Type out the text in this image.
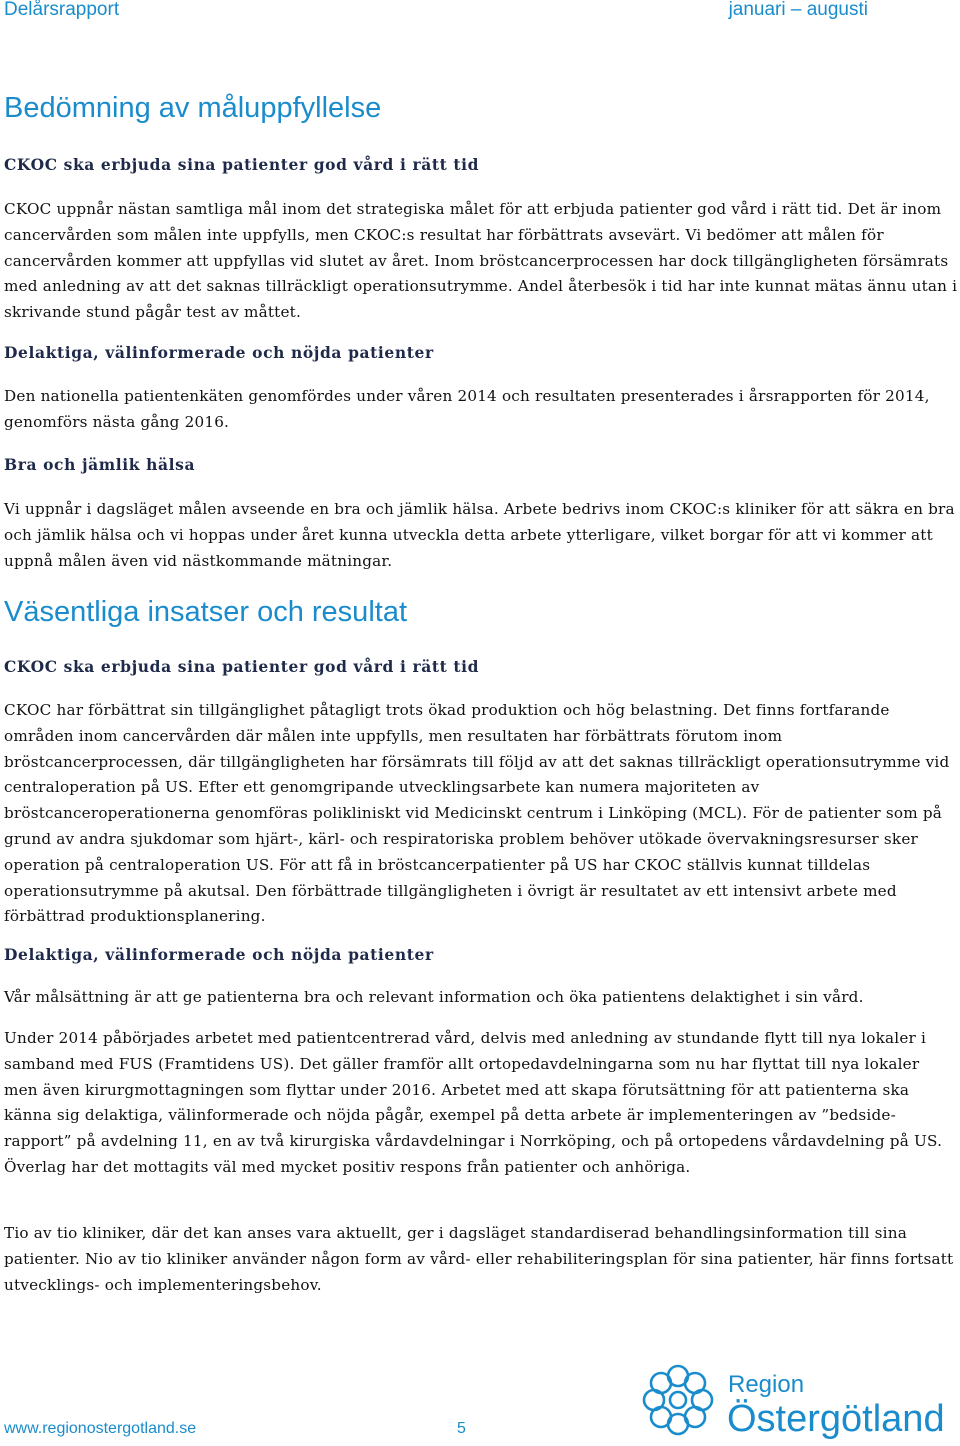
Delårsrapport	januari – augusti
Bedömning av måluppfyllelse
CKOC ska erbjuda sina patienter god vård i rätt tid

CKOC uppnår nästan samtliga mål inom det strategiska målet för att erbjuda patienter god vård i rätt tid. Det är inom cancervården som målen inte uppfylls, men CKOC:s resultat har förbättrats avsevärt. Vi bedömer att målen för cancervården kommer att uppfyllas vid slutet av året. Inom bröstcancerprocessen har dock tillgängligheten försämrats med anledning av att det saknas tillräckligt operationsutrymme. Andel återbesök i tid har inte kunnat mätas ännu utan i skrivande stund pågår test av måttet.

Delaktiga, välinformerade och nöjda patienter

Den nationella patientenkäten genomfördes under våren 2014 och resultaten presenterades i årsrapporten för 2014, genomförs nästa gång 2016.

Bra och jämlik hälsa

Vi uppnår i dagsläget målen avseende en bra och jämlik hälsa. Arbete bedrivs inom CKOC:s kliniker för att säkra en bra och jämlik hälsa och vi hoppas under året kunna utveckla detta arbete ytterligare, vilket borgar för att vi kommer att uppnå målen även vid nästkommande mätningar.

Väsentliga insatser och resultat
CKOC ska erbjuda sina patienter god vård i rätt tid

CKOC har förbättrat sin tillgänglighet påtagligt trots ökad produktion och hög belastning. Det finns fortfarande områden inom cancervården där målen inte uppfylls, men resultaten har förbättrats förutom inom bröstcancerprocessen, där tillgängligheten har försämrats till följd av att det saknas tillräckligt operationsutrymme vid centraloperation på US. Efter ett genomgripande utvecklingsarbete kan numera majoriteten av bröstcanceroperationerna genomföras polikliniskt vid Medicinskt centrum i Linköping (MCL). För de patienter som på grund av andra sjukdomar som hjärt-, kärl- och respiratoriska problem behöver utökade övervakningsresurser sker operation på centraloperation US. För att få in bröstcancerpatienter på US har CKOC ställvis kunnat tilldelas operationsutrymme på akutsal. Den förbättrade tillgängligheten i övrigt är resultatet av ett intensivt arbete med förbättrad produktionsplanering.

Delaktiga, välinformerade och nöjda patienter

Vår målsättning är att ge patienterna bra och relevant information och öka patientens delaktighet i sin vård.

Under 2014 påbörjades arbetet med patientcentrerad vård, delvis med anledning av stundande flytt till nya lokaler i samband med FUS (Framtidens US). Det gäller framför allt ortopedavdelningarna som nu har flyttat till nya lokaler men även kirurgmottagningen som flyttar under 2016. Arbetet med att skapa förutsättning för att patienterna ska känna sig delaktiga, välinformerade och nöjda pågår, exempel på detta arbete är implementeringen av ”bedside-rapport” på avdelning 11, en av två kirurgiska vårdavdelningar i Norrköping, och på ortopedens vårdavdelning på US. Överlag har det mottagits väl med mycket positiv respons från patienter och anhöriga.

Tio av tio kliniker, där det kan anses vara aktuellt, ger i dagsläget standardiserad behandlingsinformation till sina patienter. Nio av tio kliniker använder någon form av vård- eller rehabiliteringsplan för sina patienter, här finns fortsatt utvecklings- och implementeringsbehov.

www.regionostergotland.se	5
Region
Östergötland
